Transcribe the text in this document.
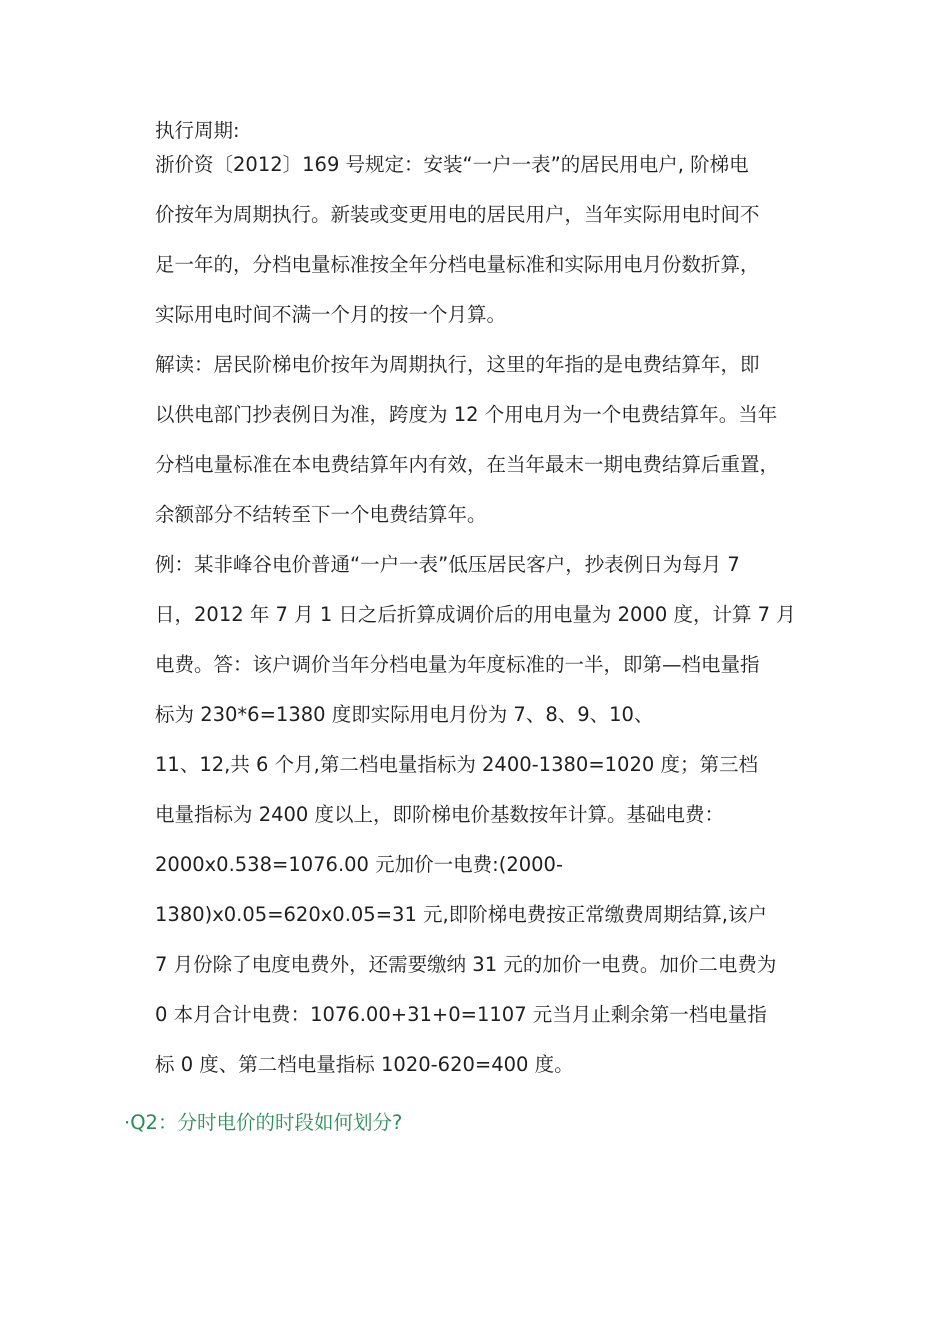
执行周期:
浙价资〔2012〕169 号规定：安装“一户一表”的居民用电户, 阶梯电
价按年为周期执行。新装或变更用电的居民用户，当年实际用电时间不
足一年的，分档电量标准按全年分档电量标准和实际用电月份数折算，
实际用电时间不满一个月的按一个月算。
解读：居民阶梯电价按年为周期执行，这里的年指的是电费结算年，即
以供电部门抄表例日为准，跨度为 12 个用电月为一个电费结算年。当年
分档电量标准在本电费结算年内有效，在当年最末一期电费结算后重置，
余额部分不结转至下一个电费结算年。
例：某非峰谷电价普通“一户一表”低压居民客户，抄表例日为每月 7
日，2012 年 7 月 1 日之后折算成调价后的用电量为 2000 度，计算 7 月
电费。答：该户调价当年分档电量为年度标准的一半，即第—档电量指
标为 230*6=1380 度即实际用电月份为 7、8、9、10、
11、12,共 6 个月,第二档电量指标为 2400-1380=1020 度；第三档
电量指标为 2400 度以上，即阶梯电价基数按年计算。基础电费：
2000x0.538=1076.00 元加价一电费:(2000-
1380)x0.05=620x0.05=31 元,即阶梯电费按正常缴费周期结算,该户
7 月份除了电度电费外，还需要缴纳 31 元的加价一电费。加价二电费为
0 本月合计电费：1076.00+31+0=1107 元当月止剩余第一档电量指
标 0 度、第二档电量指标 1020-620=400 度。
·Q2：分时电价的时段如何划分?
